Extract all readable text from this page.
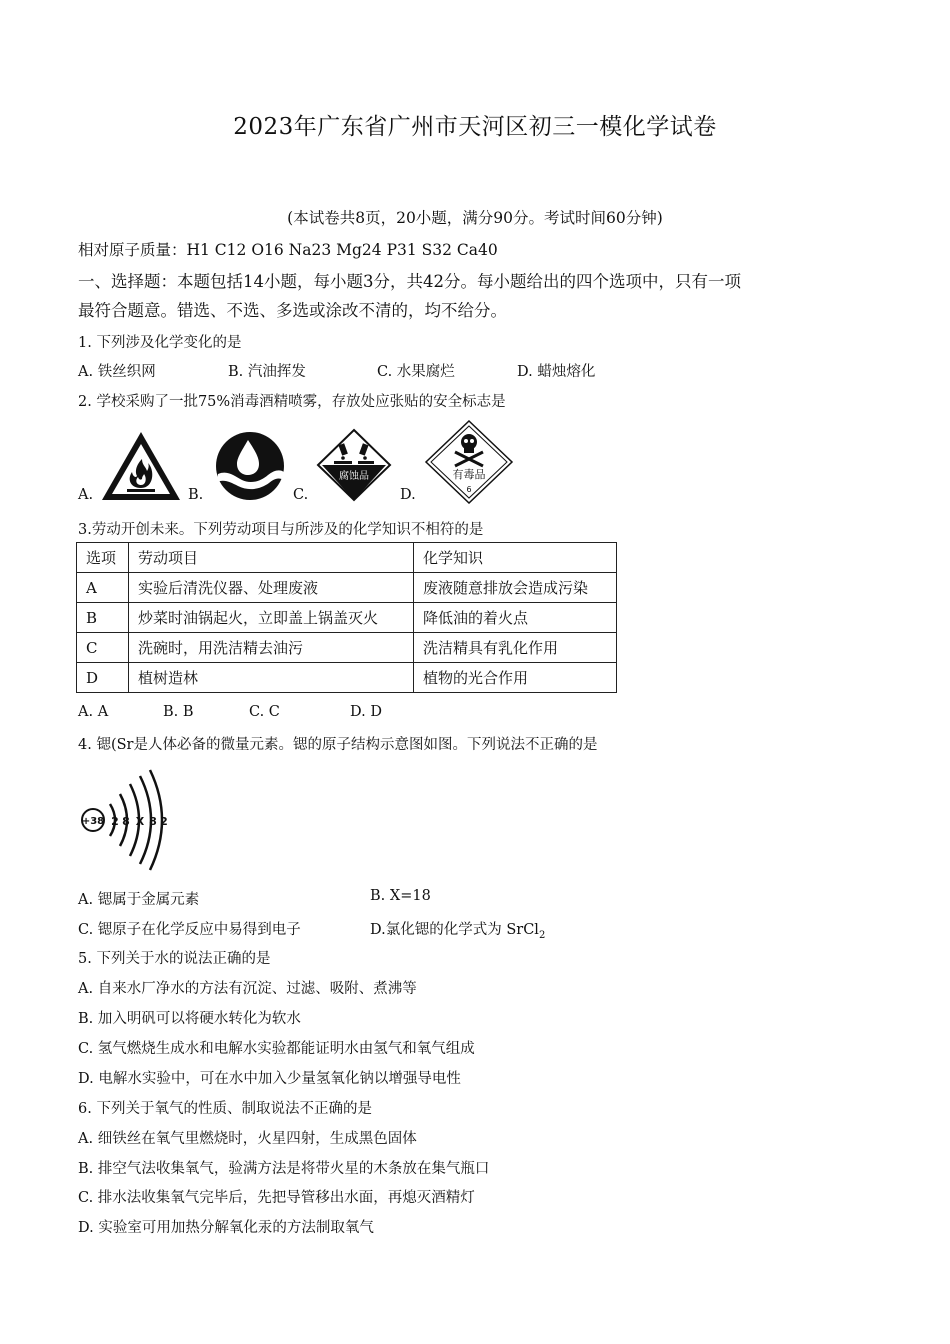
2023年广东省广州市天河区初三一模化学试卷
(本试卷共8页，20小题，满分90分。考试时间60分钟)
相对原子质量：H1 C12 O16 Na23 Mg24 P31 S32 Ca40
一、选择题：本题包括14小题，每小题3分，共42分。每小题给出的四个选项中，只有一项
最符合题意。错选、不选、多选或涂改不清的，均不给分。
1. 下列涉及化学变化的是
A. 铁丝织网	B. 汽油挥发	C. 水果腐烂	D. 蜡烛熔化
2. 学校采购了一批75%消毒酒精喷雾，存放处应张贴的安全标志是
A.	B.	C.
腐蚀品
D.
有毒品
6
3.劳动开创未来。下列劳动项目与所涉及的化学知识不相符的是
选项	劳动项目	化学知识
A	实验后清洗仪器、处理废液	废液随意排放会造成污染
B	炒菜时油锅起火，立即盖上锅盖灭火	降低油的着火点
C	洗碗时，用洗洁精去油污	洗洁精具有乳化作用
D	植树造林	植物的光合作用
A. A	B. B	C. C	D. D
4. 锶(Sr是人体必备的微量元素。锶的原子结构示意图如图。下列说法不正确的是
+38 2 8 X 8 2
A. 锶属于金属元素	B. X=18
C. 锶原子在化学反应中易得到电子	D.氯化锶的化学式为 SrCl$_2$
5. 下列关于水的说法正确的是
A. 自来水厂净水的方法有沉淀、过滤、吸附、煮沸等
B. 加入明矾可以将硬水转化为软水
C. 氢气燃烧生成水和电解水实验都能证明水由氢气和氧气组成
D. 电解水实验中，可在水中加入少量氢氧化钠以增强导电性
6. 下列关于氧气的性质、制取说法不正确的是
A. 细铁丝在氧气里燃烧时，火星四射，生成黑色固体
B. 排空气法收集氧气，验满方法是将带火星的木条放在集气瓶口
C. 排水法收集氧气完毕后，先把导管移出水面，再熄灭酒精灯
D. 实验室可用加热分解氧化汞的方法制取氧气
